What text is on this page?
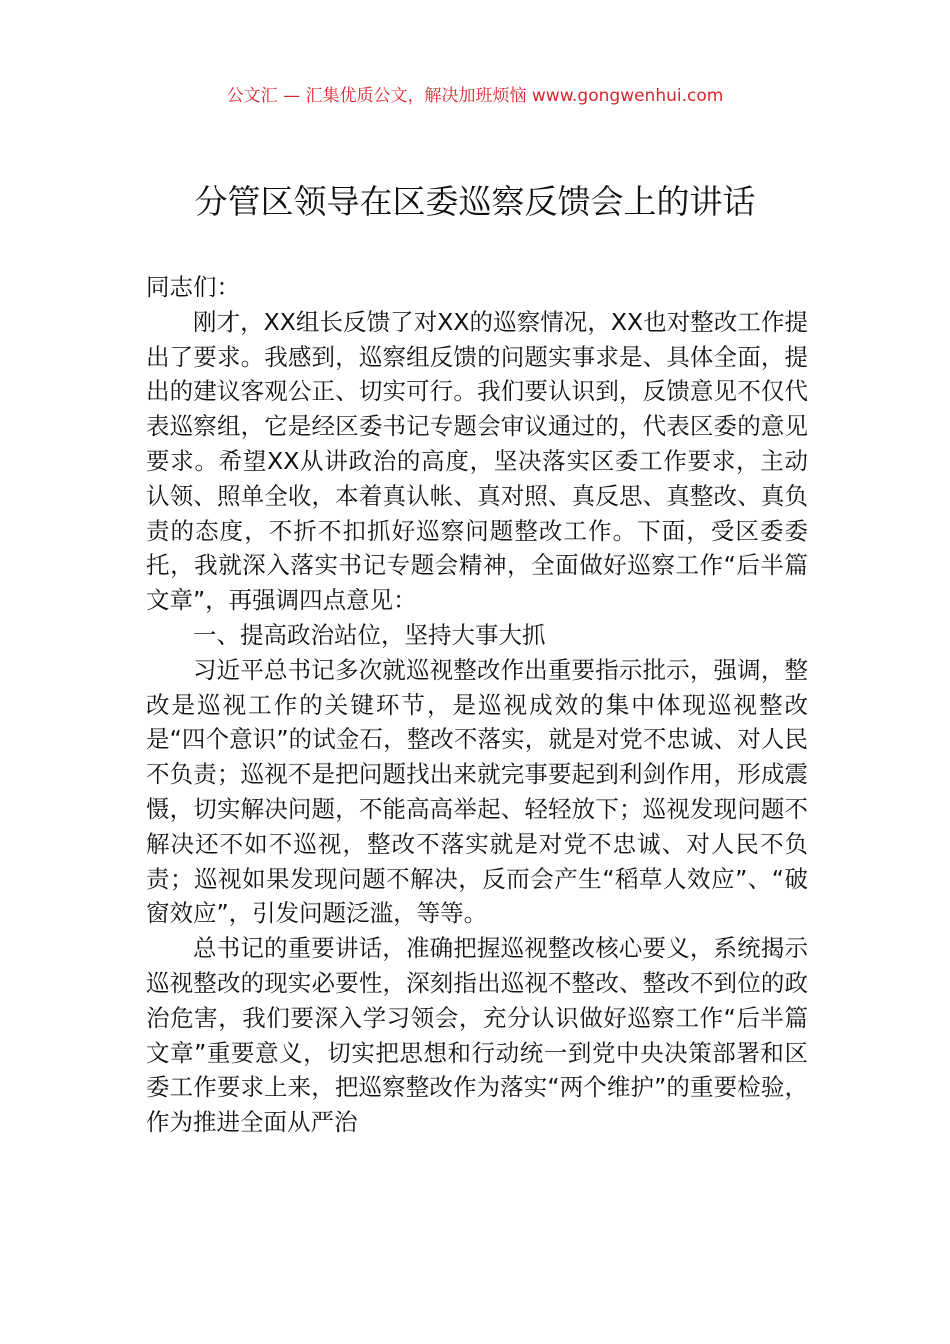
公文汇 — 汇集优质公文，解决加班烦恼 www.gongwenhui.com
分管区领导在区委巡察反馈会上的讲话

同志们：

刚才，XX组长反馈了对XX的巡察情况，XX也对整改工作提出了要求。我感到，巡察组反馈的问题实事求是、具体全面，提出的建议客观公正、切实可行。我们要认识到，反馈意见不仅代表巡察组，它是经区委书记专题会审议通过的，代表区委的意见要求。希望XX从讲政治的高度，坚决落实区委工作要求，主动认领、照单全收，本着真认帐、真对照、真反思、真整改、真负责的态度，不折不扣抓好巡察问题整改工作。下面，受区委委托，我就深入落实书记专题会精神，全面做好巡察工作“后半篇文章”，再强调四点意见：

一、提高政治站位，坚持大事大抓

习近平总书记多次就巡视整改作出重要指示批示，强调，整改是巡视工作的关键环节，是巡视成效的集中体现巡视整改是“四个意识”的试金石，整改不落实，就是对党不忠诚、对人民不负责；巡视不是把问题找出来就完事要起到利剑作用，形成震慑，切实解决问题，不能高高举起、轻轻放下；巡视发现问题不解决还不如不巡视，整改不落实就是对党不忠诚、对人民不负责；巡视如果发现问题不解决，反而会产生“稻草人效应”、“破窗效应”，引发问题泛滥，等等。

总书记的重要讲话，准确把握巡视整改核心要义，系统揭示巡视整改的现实必要性，深刻指出巡视不整改、整改不到位的政治危害，我们要深入学习领会，充分认识做好巡察工作“后半篇文章”重要意义，切实把思想和行动统一到党中央决策部署和区委工作要求上来，把巡察整改作为落实“两个维护”的重要检验，作为推进全面从严治
